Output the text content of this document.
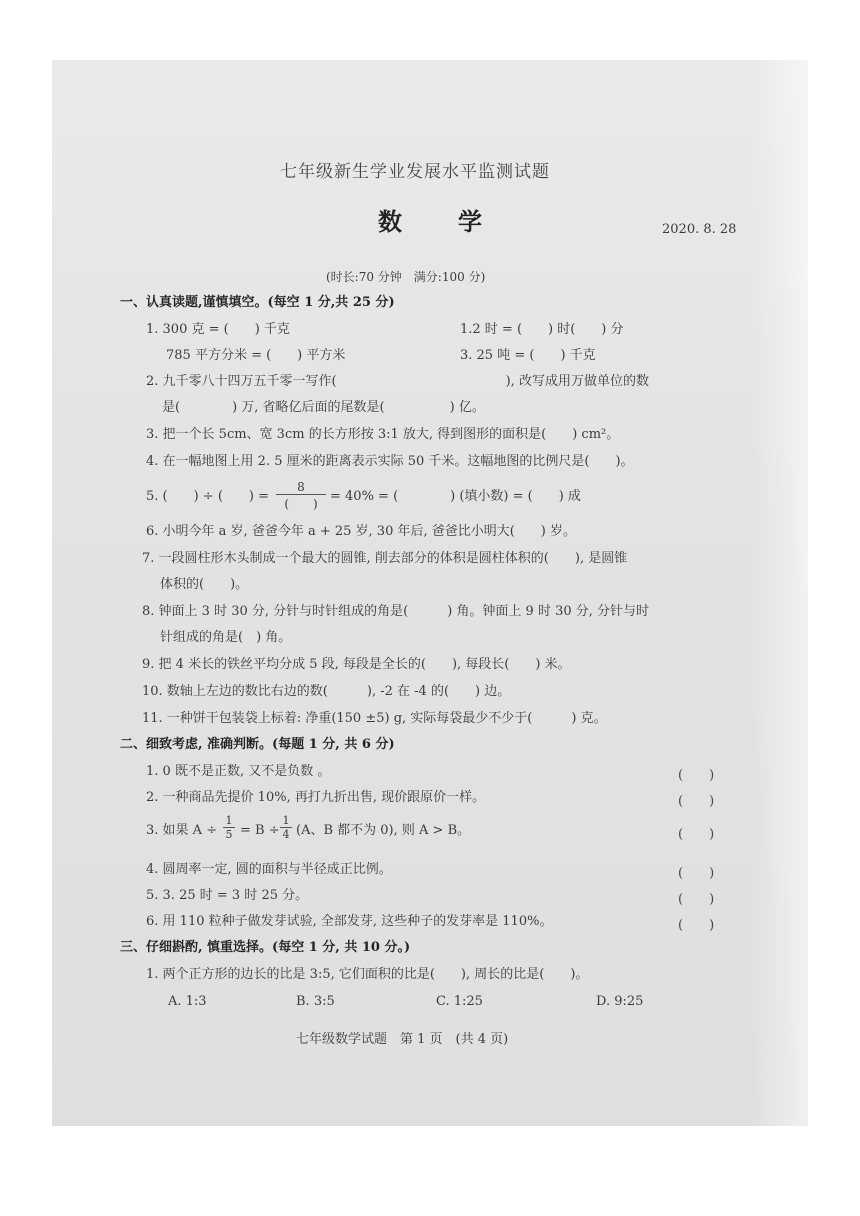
七年级新生学业发展水平监测试题
数 学	2020. 8. 28
(时长:70 分钟　满分:100 分)
一、认真读题,谨慎填空。(每空 1 分,共 25 分)
1. 300 克 = (　　) 千克	1.2 时 = (　　) 时(　　) 分
785 平方分米 = (　　) 平方米	3. 25 吨 = (　　) 千克
2. 九千零八十四万五千零一写作(　　　　　　　　　　　　　), 改写成用万做单位的数
是(　　　　) 万, 省略亿后面的尾数是(　　　　　) 亿。
3. 把一个长 5cm、宽 3cm 的长方形按 3:1 放大, 得到图形的面积是(　　) cm²。
4. 在一幅地图上用 2. 5 厘米的距离表示实际 50 千米。这幅地图的比例尺是(　　)。
5. (　　) ÷ (　　) =
8
(　　) = 40% = (　　　　) (填小数) = (　　) 成
6. 小明今年 a 岁, 爸爸今年 a + 25 岁, 30 年后, 爸爸比小明大(　　) 岁。
7. 一段圆柱形木头制成一个最大的圆锥, 削去部分的体积是圆柱体积的(　　), 是圆锥
体积的(　　)。
8. 钟面上 3 时 30 分, 分针与时针组成的角是(　　　) 角。钟面上 9 时 30 分, 分针与时
针组成的角是(　) 角。
9. 把 4 米长的铁丝平均分成 5 段, 每段是全长的(　　), 每段长(　　) 米。
10. 数轴上左边的数比右边的数(　　　), -2 在 -4 的(　　) 边。
11. 一种饼干包装袋上标着: 净重(150 ±5) g, 实际每袋最少不少于(　　　) 克。
二、细致考虑, 准确判断。(每题 1 分, 共 6 分)
1. 0 既不是正数, 又不是负数 。	(　　)
2. 一种商品先提价 10%, 再打九折出售, 现价跟原价一样。	(　　)
3. 如果 A ÷
1
5 = B ÷
1
4 (A、B 都不为 0), 则 A > B。	(　　)
4. 圆周率一定, 圆的面积与半径成正比例。	(　　)
5. 3. 25 时 = 3 时 25 分。	(　　)
6. 用 110 粒种子做发芽试验, 全部发芽, 这些种子的发芽率是 110%。	(　　)
三、仔细斟酌, 慎重选择。(每空 1 分, 共 10 分。)
1. 两个正方形的边长的比是 3:5, 它们面积的比是(　　), 周长的比是(　　)。
A. 1:3	B. 3:5	C. 1:25	D. 9:25
七年级数学试题　第 1 页　(共 4 页)
